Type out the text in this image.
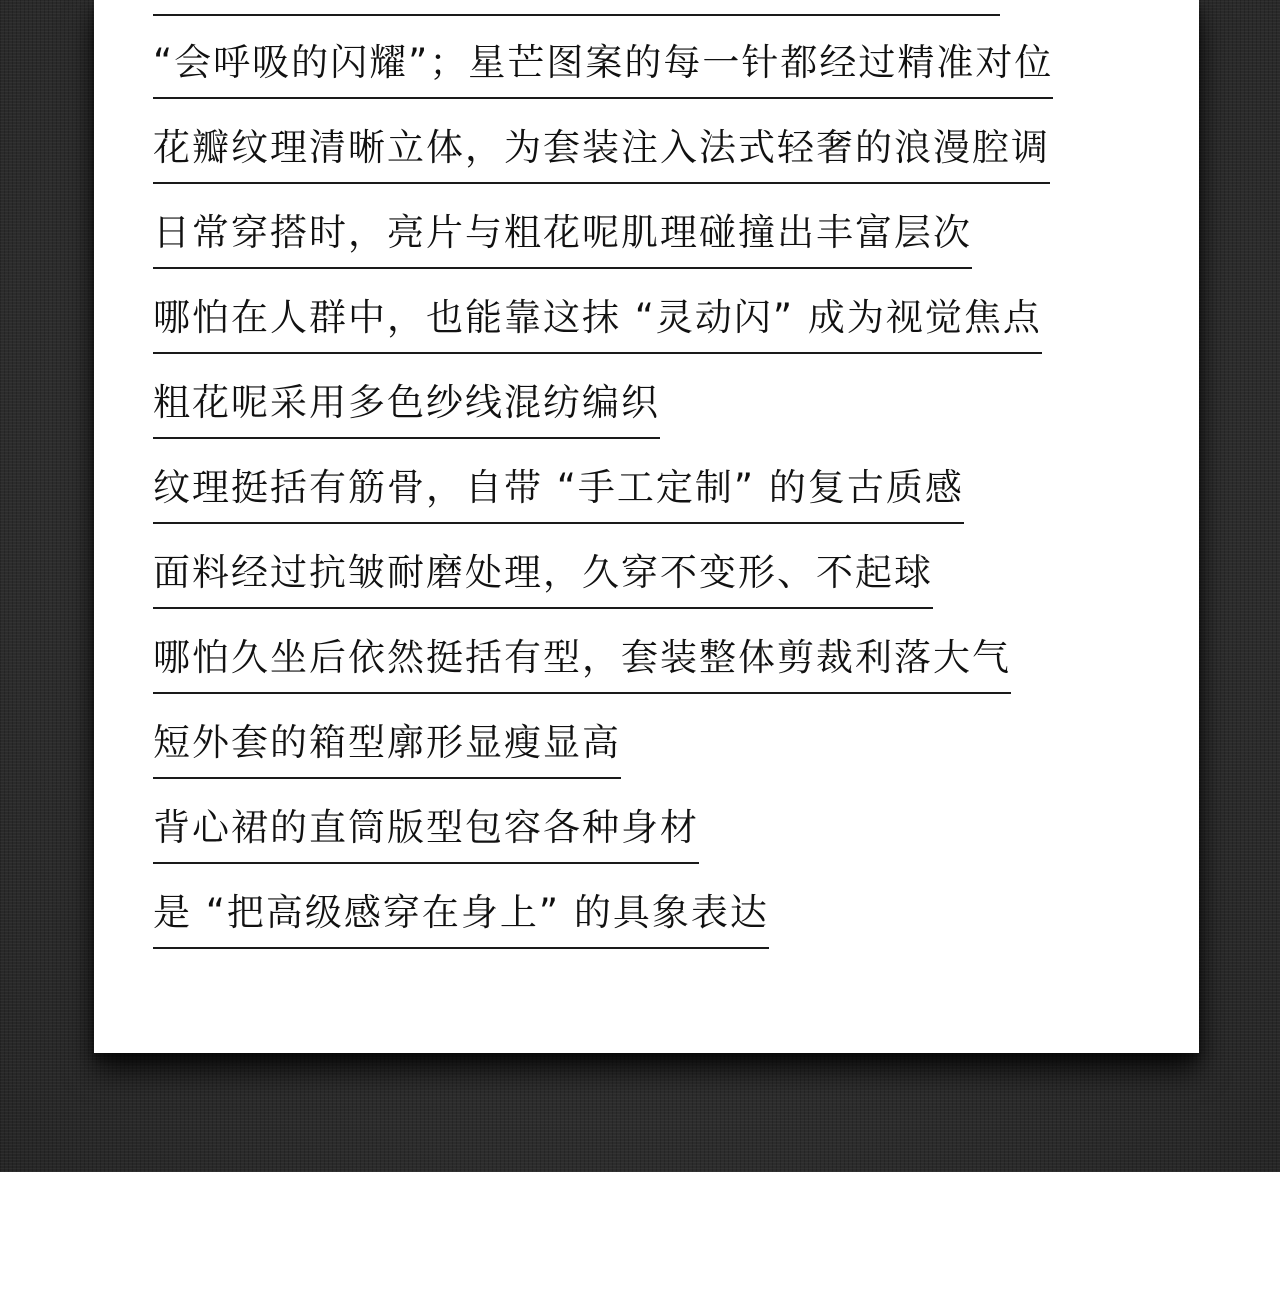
“会呼吸的闪耀”；星芒图案的每一针都经过精准对位
花瓣纹理清晰立体，为套装注入法式轻奢的浪漫腔调
日常穿搭时，亮片与粗花呢肌理碰撞出丰富层次
哪怕在人群中，也能靠这抹 “灵动闪” 成为视觉焦点
粗花呢采用多色纱线混纺编织
纹理挺括有筋骨，自带 “手工定制” 的复古质感
面料经过抗皱耐磨处理，久穿不变形、不起球
哪怕久坐后依然挺括有型，套装整体剪裁利落大气
短外套的箱型廓形显瘦显高
背心裙的直筒版型包容各种身材
是 “把高级感穿在身上” 的具象表达
